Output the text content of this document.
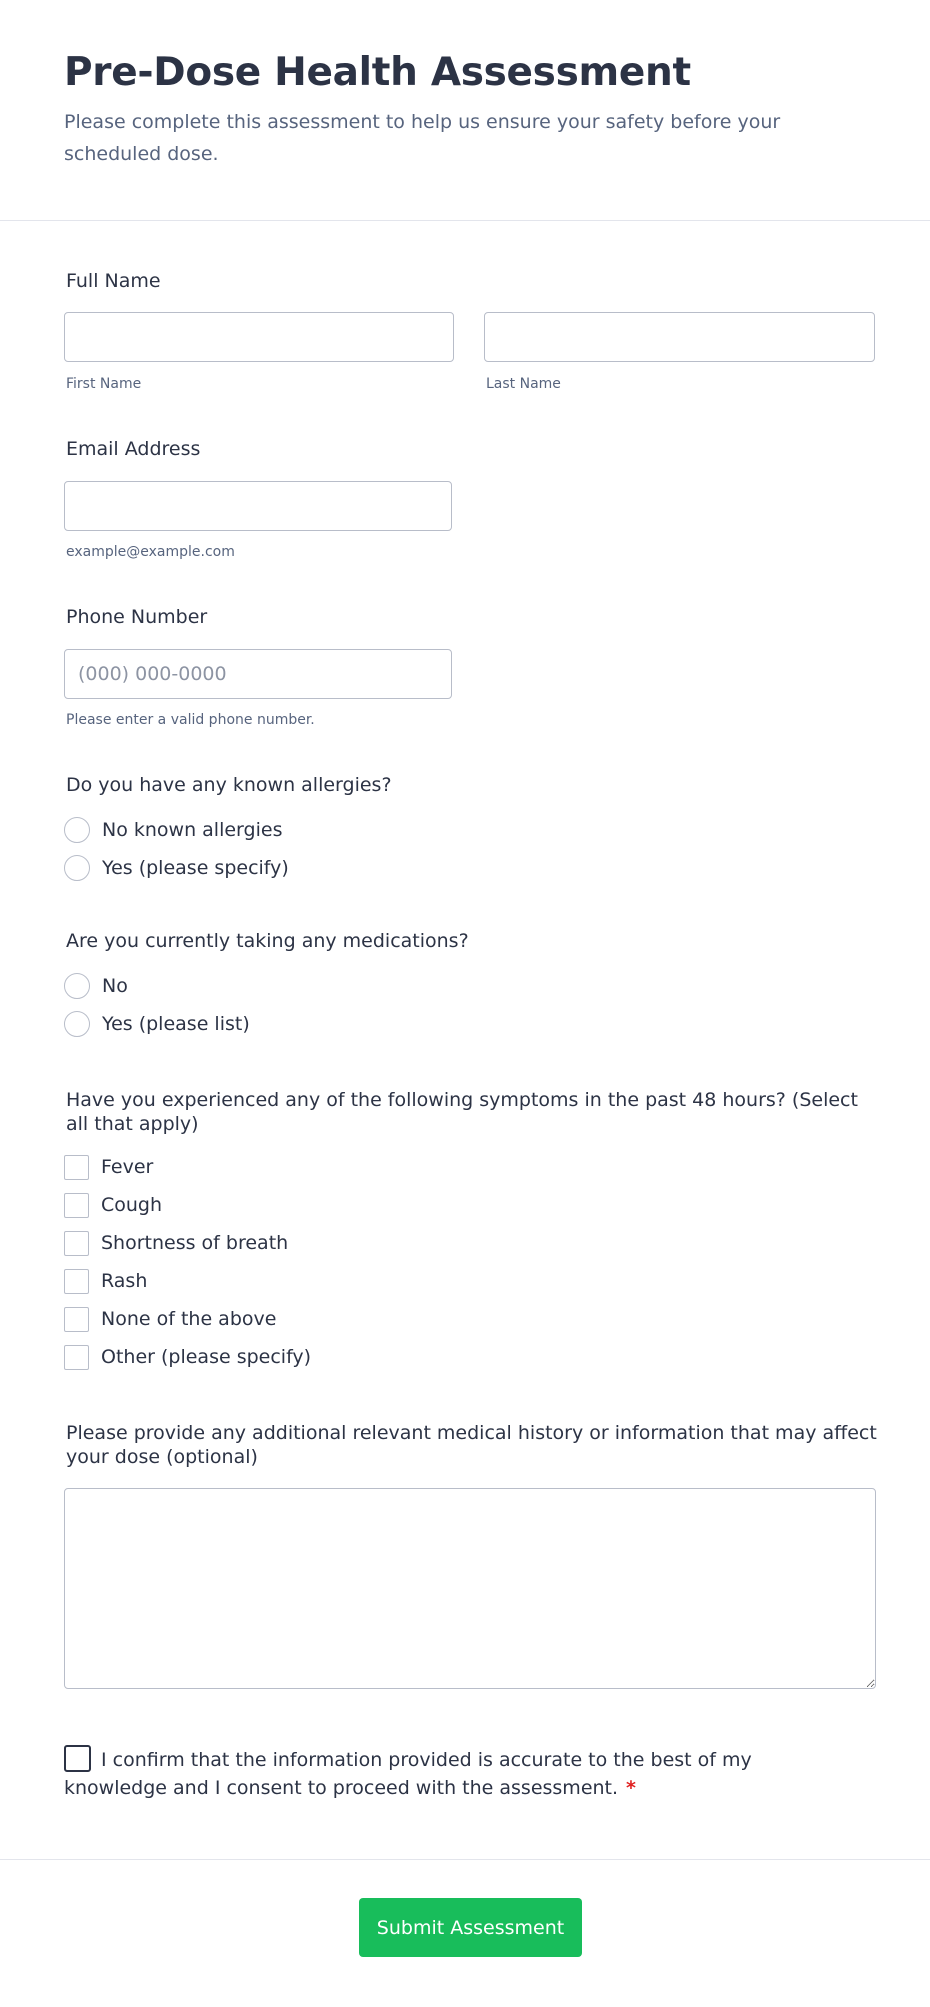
Pre-Dose Health Assessment

Please complete this assessment to help us ensure your safety before your scheduled dose.

Full Name
First Name	Last Name
Email Address
example@example.com
Phone Number
(000) 000-0000
Please enter a valid phone number.
Do you have any known allergies?
No known allergies
Yes (please specify)
Are you currently taking any medications?
No
Yes (please list)
Have you experienced any of the following symptoms in the past 48 hours? (Select all that apply)
Fever
Cough
Shortness of breath
Rash
None of the above
Other (please specify)
Please provide any additional relevant medical history or information that may affect your dose (optional)
I confirm that the information provided is accurate to the best of my knowledge and I consent to proceed with the assessment. *
Submit Assessment
